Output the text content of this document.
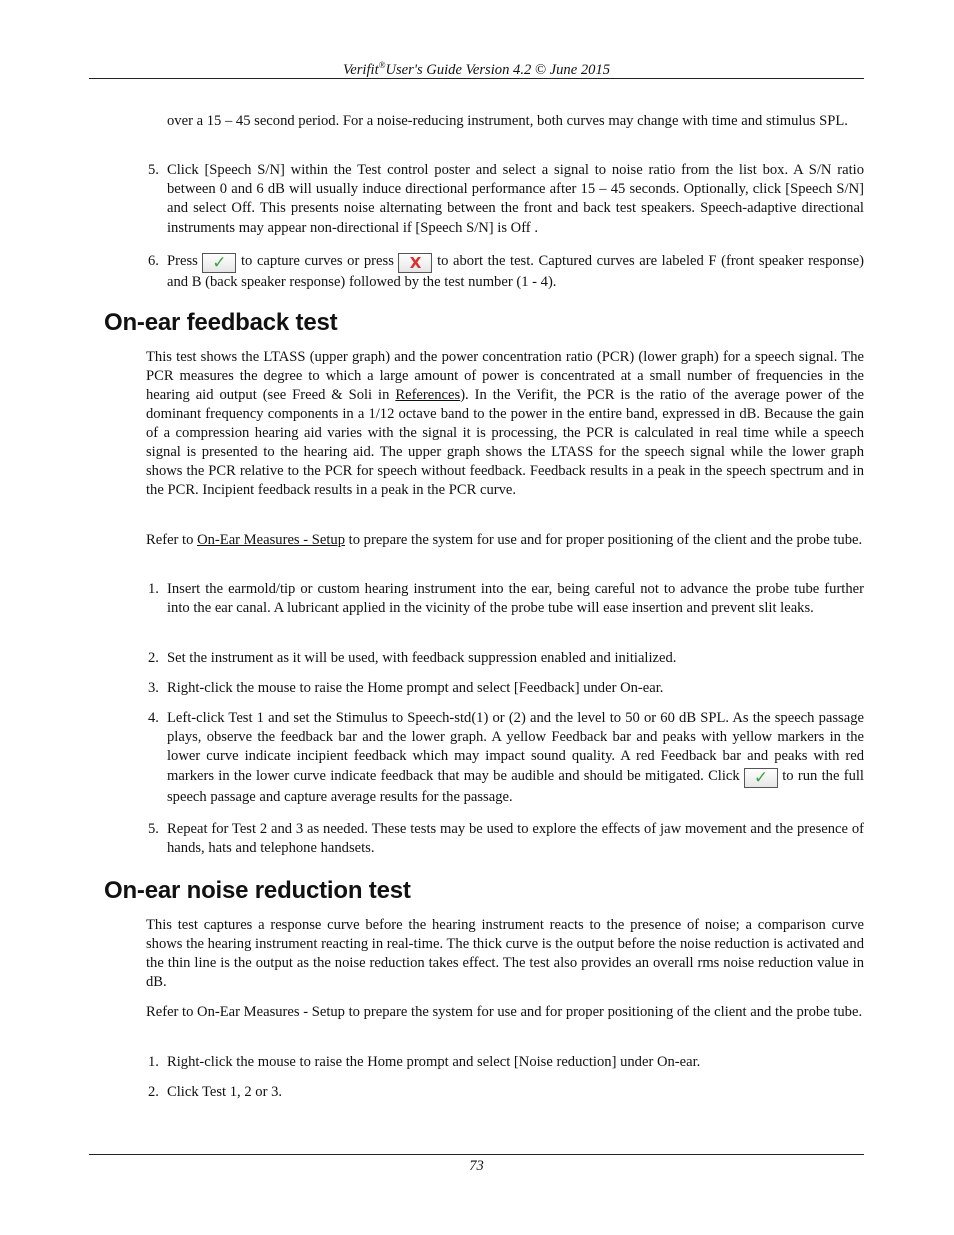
Verifit®User's Guide Version 4.2 © June 2015

over a 15 – 45 second period. For a noise-reducing instrument, both curves may change with time and stimulus SPL.

5. Click [Speech S/N] within the Test control poster and select a signal to noise ratio from the list box. A S/N ratio between 0 and 6 dB will usually induce directional performance after 15 – 45 seconds. Optionally, click [Speech S/N] and select Off. This presents noise alternating between the front and back test speakers. Speech-adaptive directional instruments may appear non-directional if [Speech S/N] is Off .
6. Press ✓ to capture curves or press X to abort the test. Captured curves are labeled F (front speaker response) and B (back speaker response) followed by the test number (1 - 4).
On-ear feedback test

This test shows the LTASS (upper graph) and the power concentration ratio (PCR) (lower graph) for a speech signal. The PCR measures the degree to which a large amount of power is concentrated at a small number of frequencies in the hearing aid output (see Freed & Soli in References). In the Verifit, the PCR is the ratio of the average power of the dominant frequency components in a 1/12 octave band to the power in the entire band, expressed in dB. Because the gain of a compression hearing aid varies with the signal it is processing, the PCR is calculated in real time while a speech signal is presented to the hearing aid. The upper graph shows the LTASS for the speech signal while the lower graph shows the PCR relative to the PCR for speech without feedback. Feedback results in a peak in the speech spectrum and in the PCR. Incipient feedback results in a peak in the PCR curve.

Refer to On-Ear Measures - Setup to prepare the system for use and for proper positioning of the client and the probe tube.

1. Insert the earmold/tip or custom hearing instrument into the ear, being careful not to advance the probe tube further into the ear canal. A lubricant applied in the vicinity of the probe tube will ease insertion and prevent slit leaks.
2. Set the instrument as it will be used, with feedback suppression enabled and initialized.
3. Right-click the mouse to raise the Home prompt and select [Feedback] under On-ear.
4. Left-click Test 1 and set the Stimulus to Speech-std(1) or (2) and the level to 50 or 60 dB SPL. As the speech passage plays, observe the feedback bar and the lower graph. A yellow Feedback bar and peaks with yellow markers in the lower curve indicate incipient feedback which may impact sound quality. A red Feedback bar and peaks with red markers in the lower curve indicate feedback that may be audible and should be mitigated. Click ✓ to run the full speech passage and capture average results for the passage.
5. Repeat for Test 2 and 3 as needed. These tests may be used to explore the effects of jaw movement and the presence of hands, hats and telephone handsets.
On-ear noise reduction test

This test captures a response curve before the hearing instrument reacts to the presence of noise; a comparison curve shows the hearing instrument reacting in real-time. The thick curve is the output before the noise reduction is activated and the thin line is the output as the noise reduction takes effect. The test also provides an overall rms noise reduction value in dB.

Refer to On-Ear Measures - Setup to prepare the system for use and for proper positioning of the client and the probe tube.

1. Right-click the mouse to raise the Home prompt and select [Noise reduction] under On-ear.
2. Click Test 1, 2 or 3.
73
